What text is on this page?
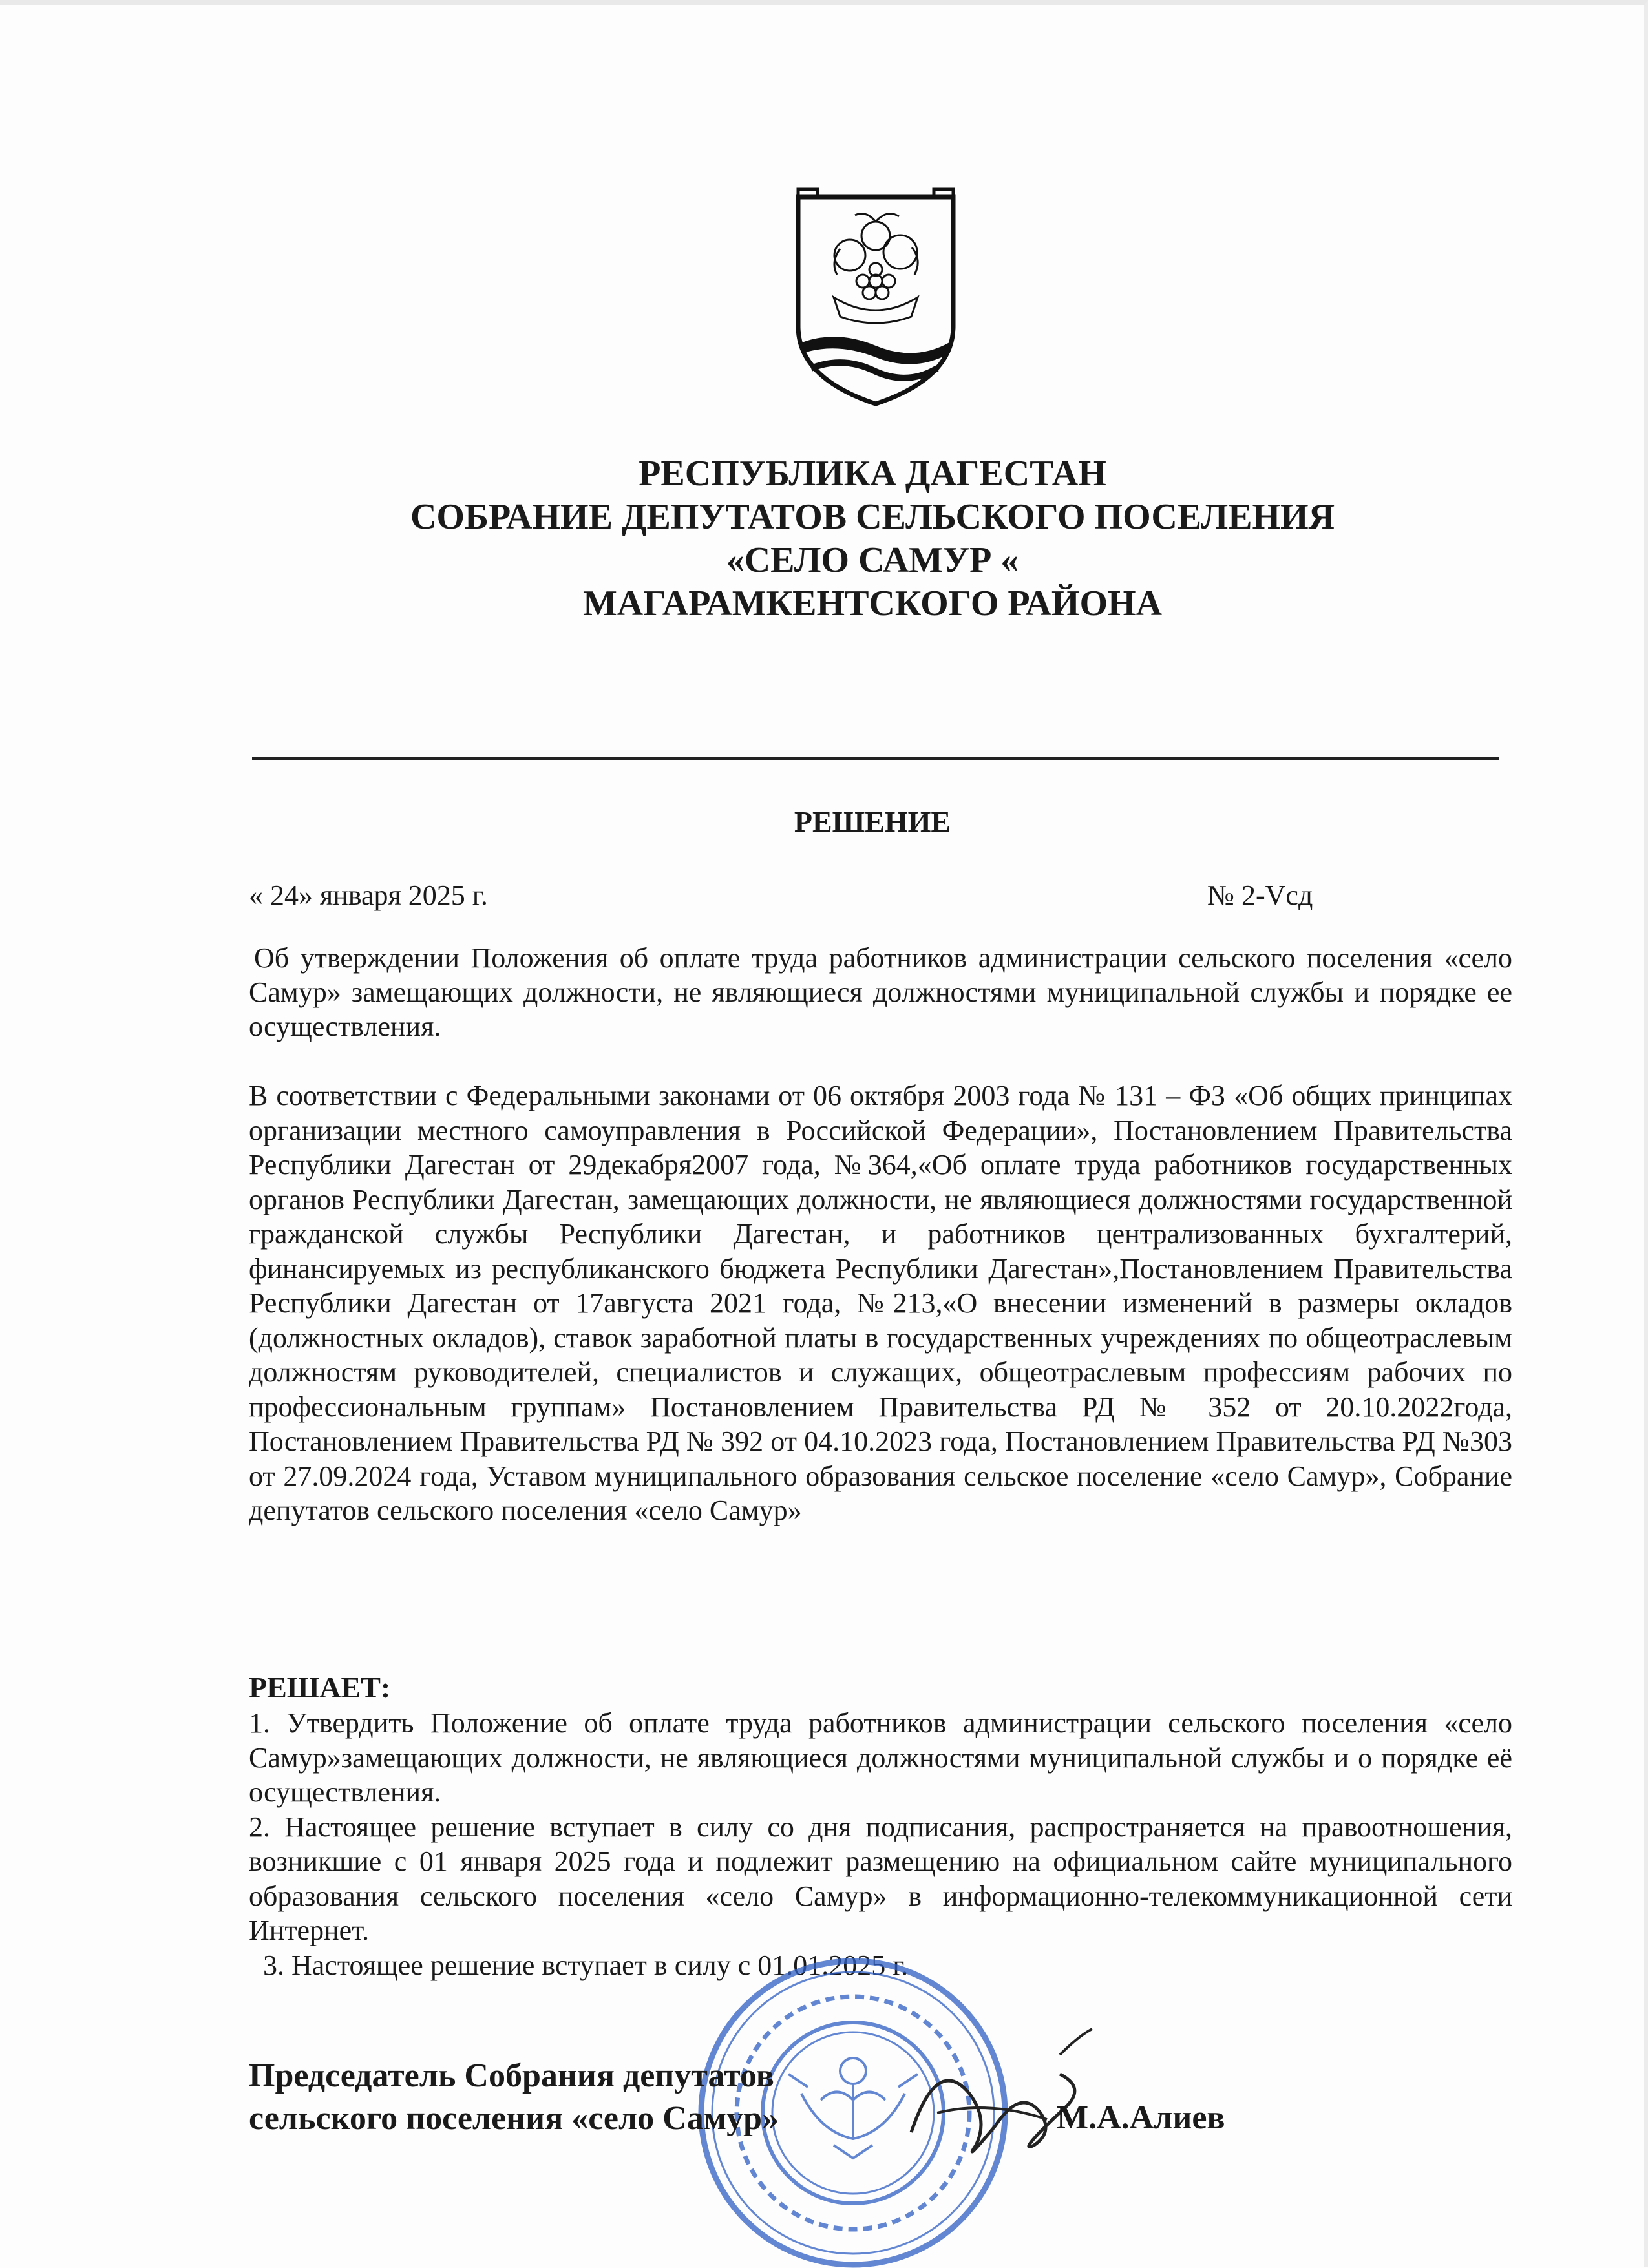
РЕСПУБЛИКА ДАГЕСТАН
СОБРАНИЕ ДЕПУТАТОВ СЕЛЬСКОГО ПОСЕЛЕНИЯ
«СЕЛО САМУР «
МАГАРАМКЕНТСКОГО РАЙОНА
РЕШЕНИЕ
« 24» января 2025 г.	№ 2-Vсд
Об утверждении Положения об оплате труда работников администрации сельского поселения «село Самур» замещающих должности, не являющиеся должностями муниципальной службы и порядке ее осуществления.
В соответствии с Федеральными законами от 06 октября 2003 года № 131 – ФЗ «Об общих принципах организации местного самоуправления в Российской Федерации», Постановлением Правительства Республики Дагестан от 29декабря2007 года, №364,«Об оплате труда работников государственных органов Республики Дагестан, замещающих должности, не являющиеся должностями государственной гражданской службы Республики Дагестан, и работников централизованных бухгалтерий, финансируемых из республиканского бюджета Республики Дагестан»,Постановлением Правительства Республики Дагестан от 17августа 2021 года, №213,«О внесении изменений в размеры окладов (должностных окладов), ставок заработной платы в государственных учреждениях по общеотраслевым должностям руководителей, специалистов и служащих, общеотраслевым профессиям рабочих по профессиональным группам» Постановлением Правительства РД № 352 от 20.10.2022года, Постановлением Правительства РД № 392 от 04.10.2023 года, Постановлением Правительства РД №303 от 27.09.2024 года, Уставом муниципального образования сельское поселение «село Самур», Собрание депутатов сельского поселения «село Самур»
РЕШАЕТ:

1. Утвердить Положение об оплате труда работников администрации сельского поселения «село Самур»замещающих должности, не являющиеся должностями муниципальной службы и о порядке её осуществления.

2. Настоящее решение вступает в силу со дня подписания, распространяется на правоотношения, возникшие с 01 января 2025 года и подлежит размещению на официальном сайте муниципального образования сельского поселения «село Самур» в информационно-телекоммуникационной сети Интернет.

3. Настоящее решение вступает в силу с 01.01.2025 г.

Председатель Собрания депутатов
сельского поселения «село Самур»	М.А.Алиев
